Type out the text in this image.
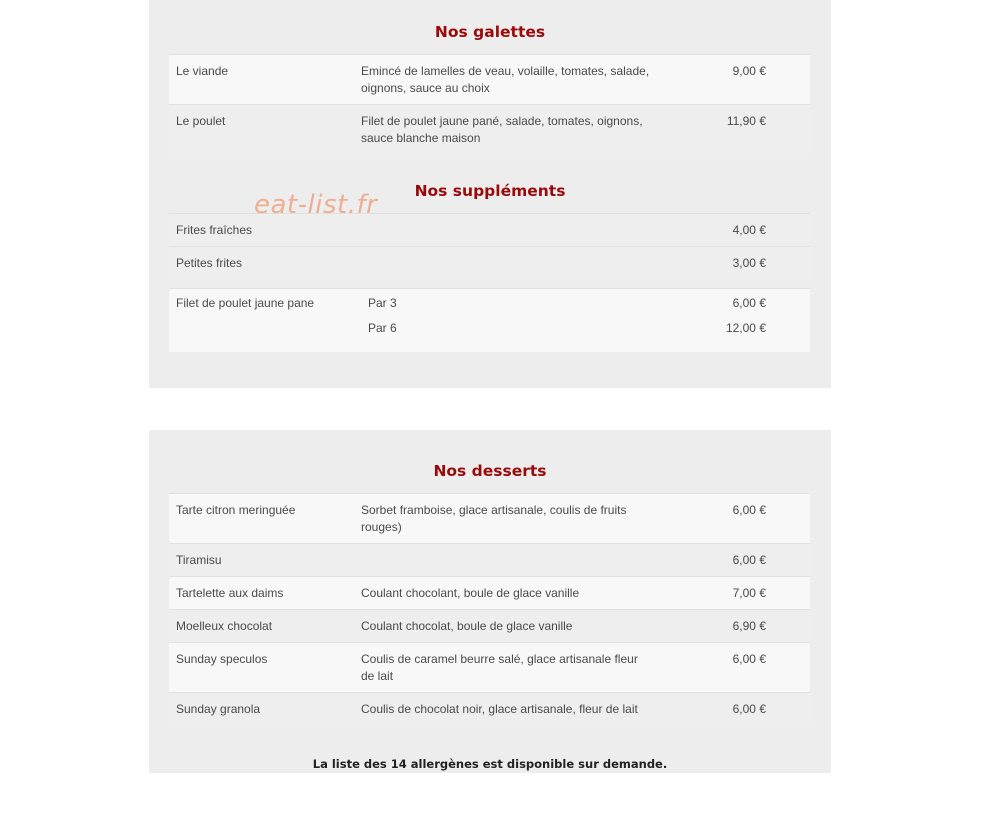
Nos galettes
Le viande	Emincé de lamelles de veau, volaille, tomates, salade,
oignons, sauce au choix	9,00 €
Le poulet	Filet de poulet jaune pané, salade, tomates, oignons,
sauce blanche maison	11,90 €
Nos suppléments
Frites fraîches		4,00 €
Petites frites		3,00 €
Filet de poulet jaune pane	Par 3	6,00 €
Par 6	12,00 €
eat-list.fr
Nos desserts
Tarte citron meringuée	Sorbet framboise, glace artisanale, coulis de fruits
rouges)	6,00 €
Tiramisu		6,00 €
Tartelette aux daims	Coulant chocolant, boule de glace vanille	7,00 €
Moelleux chocolat	Coulant chocolat, boule de glace vanille	6,90 €
Sunday speculos	Coulis de caramel beurre salé, glace artisanale fleur
de lait	6,00 €
Sunday granola	Coulis de chocolat noir, glace artisanale, fleur de lait	6,00 €
La liste des 14 allergènes est disponible sur demande.
